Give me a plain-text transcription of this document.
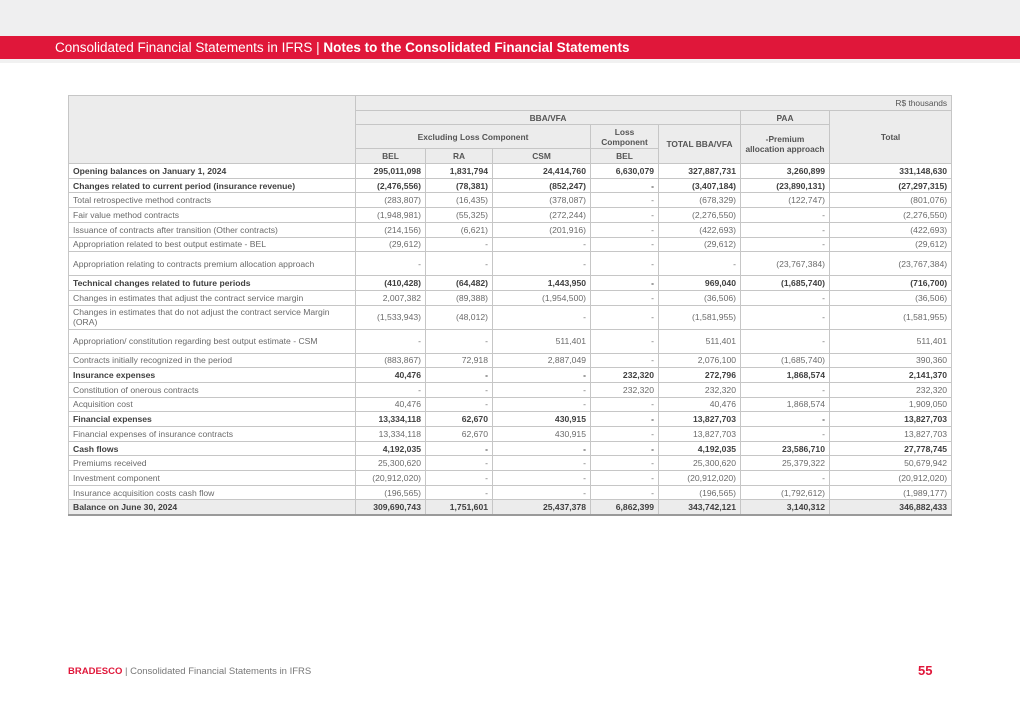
Consolidated Financial Statements in IFRS | Notes to the Consolidated Financial Statements
	R$ thousands						
	BBA/VFA					PAA	Total
	Excluding Loss Component			Loss Component	TOTAL BBA/VFA	-Premium allocation approach	
	BEL	RA	CSM	BEL			
Opening balances on January 1, 2024	295,011,098	1,831,794	24,414,760	6,630,079	327,887,731	3,260,899	331,148,630
Changes related to current period (insurance revenue)	(2,476,556)	(78,381)	(852,247)	-	(3,407,184)	(23,890,131)	(27,297,315)
Total retrospective method contracts	(283,807)	(16,435)	(378,087)	-	(678,329)	(122,747)	(801,076)
Fair value method contracts	(1,948,981)	(55,325)	(272,244)	-	(2,276,550)	-	(2,276,550)
Issuance of contracts after transition (Other contracts)	(214,156)	(6,621)	(201,916)	-	(422,693)	-	(422,693)
Appropriation related to best output estimate - BEL	(29,612)	-	-	-	(29,612)	-	(29,612)
Appropriation relating to contracts premium allocation approach	-	-	-	-	-	(23,767,384)	(23,767,384)
Technical changes related to future periods	(410,428)	(64,482)	1,443,950	-	969,040	(1,685,740)	(716,700)
Changes in estimates that adjust the contract service margin	2,007,382	(89,388)	(1,954,500)	-	(36,506)	-	(36,506)
Changes in estimates that do not adjust the contract service Margin (ORA)	(1,533,943)	(48,012)	-	-	(1,581,955)	-	(1,581,955)
Appropriation/ constitution regarding best output estimate - CSM	-	-	511,401	-	511,401	-	511,401
Contracts initially recognized in the period	(883,867)	72,918	2,887,049	-	2,076,100	(1,685,740)	390,360
Insurance expenses	40,476	-	-	232,320	272,796	1,868,574	2,141,370
Constitution of onerous contracts	-	-	-	232,320	232,320	-	232,320
Acquisition cost	40,476	-	-	-	40,476	1,868,574	1,909,050
Financial expenses	13,334,118	62,670	430,915	-	13,827,703	-	13,827,703
Financial expenses of insurance contracts	13,334,118	62,670	430,915	-	13,827,703	-	13,827,703
Cash flows	4,192,035	-	-	-	4,192,035	23,586,710	27,778,745
Premiums received	25,300,620	-	-	-	25,300,620	25,379,322	50,679,942
Investment component	(20,912,020)	-	-	-	(20,912,020)	-	(20,912,020)
Insurance acquisition costs cash flow	(196,565)	-	-	-	(196,565)	(1,792,612)	(1,989,177)
Balance on June 30, 2024	309,690,743	1,751,601	25,437,378	6,862,399	343,742,121	3,140,312	346,882,433
BRADESCO | Consolidated Financial Statements in IFRS	55
